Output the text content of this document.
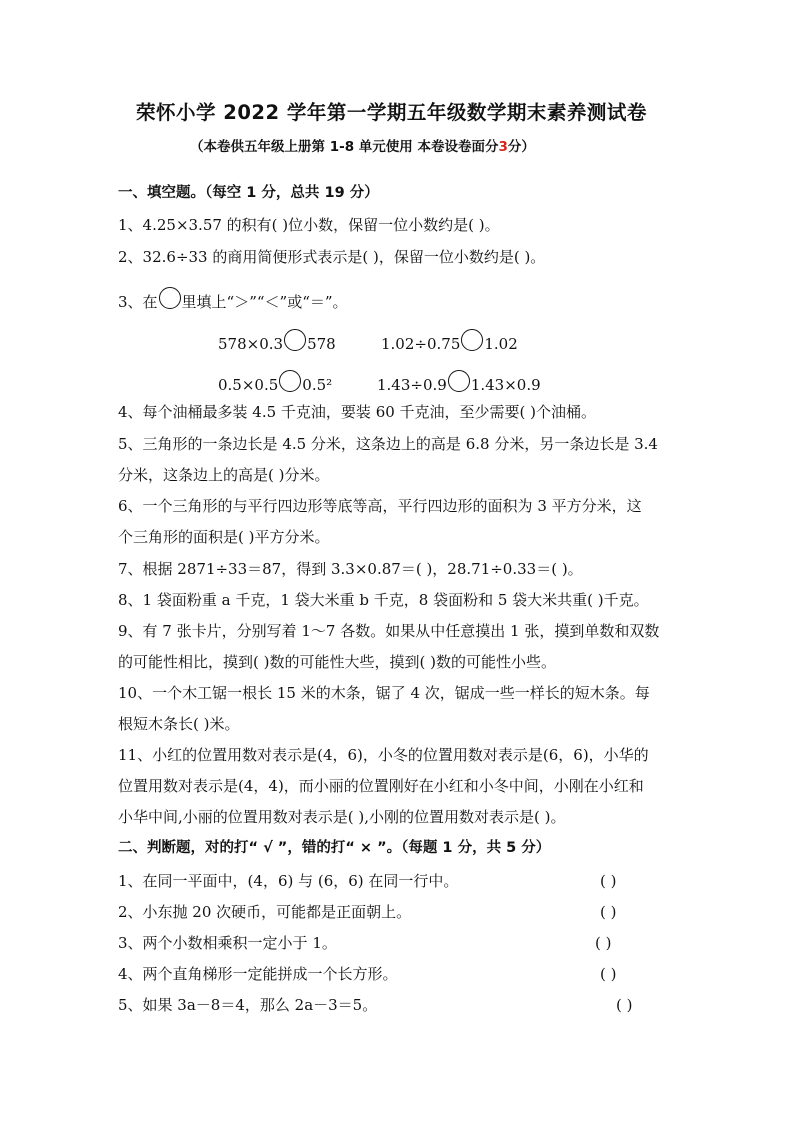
荣怀小学 2022 学年第一学期五年级数学期末素养测试卷
（本卷供五年级上册第 1-8 单元使用 本卷设卷面分3分）
一、填空题。（每空 1 分，总共 19 分）
1、4.25×3.57 的积有( )位小数，保留一位小数约是( )。
2、32.6÷33 的商用简便形式表示是( )，保留一位小数约是( )。
3、在 里填上“＞”“＜”或“＝”。
578×0.3 578	1.02÷0.75 1.02
0.5×0.5 0.5²	1.43÷0.9 1.43×0.9
4、每个油桶最多装 4.5 千克油，要装 60 千克油，至少需要( )个油桶。
5、三角形的一条边长是 4.5 分米，这条边上的高是 6.8 分米，另一条边长是 3.4
分米，这条边上的高是( )分米。
6、一个三角形的与平行四边形等底等高，平行四边形的面积为 3 平方分米，这
个三角形的面积是( )平方分米。
7、根据 2871÷33＝87，得到 3.3×0.87＝( )，28.71÷0.33＝( )。
8、1 袋面粉重 a 千克，1 袋大米重 b 千克，8 袋面粉和 5 袋大米共重( )千克。
9、有 7 张卡片，分别写着 1～7 各数。如果从中任意摸出 1 张，摸到单数和双数
的可能性相比，摸到( )数的可能性大些，摸到( )数的可能性小些。
10、一个木工锯一根长 15 米的木条，锯了 4 次，锯成一些一样长的短木条。每
根短木条长( )米。
11、小红的位置用数对表示是(4，6)，小冬的位置用数对表示是(6，6)，小华的
位置用数对表示是(4，4)，而小丽的位置刚好在小红和小冬中间，小刚在小红和
小华中间,小丽的位置用数对表示是( ),小刚的位置用数对表示是( )。
二、判断题，对的打“ √ ”，错的打“ × ”。（每题 1 分，共 5 分）
1、在同一平面中，(4，6) 与 (6，6) 在同一行中。	( )
2、小东抛 20 次硬币，可能都是正面朝上。	( )
3、两个小数相乘积一定小于 1。	( )
4、两个直角梯形一定能拼成一个长方形。	( )
5、如果 3a－8＝4，那么 2a－3＝5。	( )
